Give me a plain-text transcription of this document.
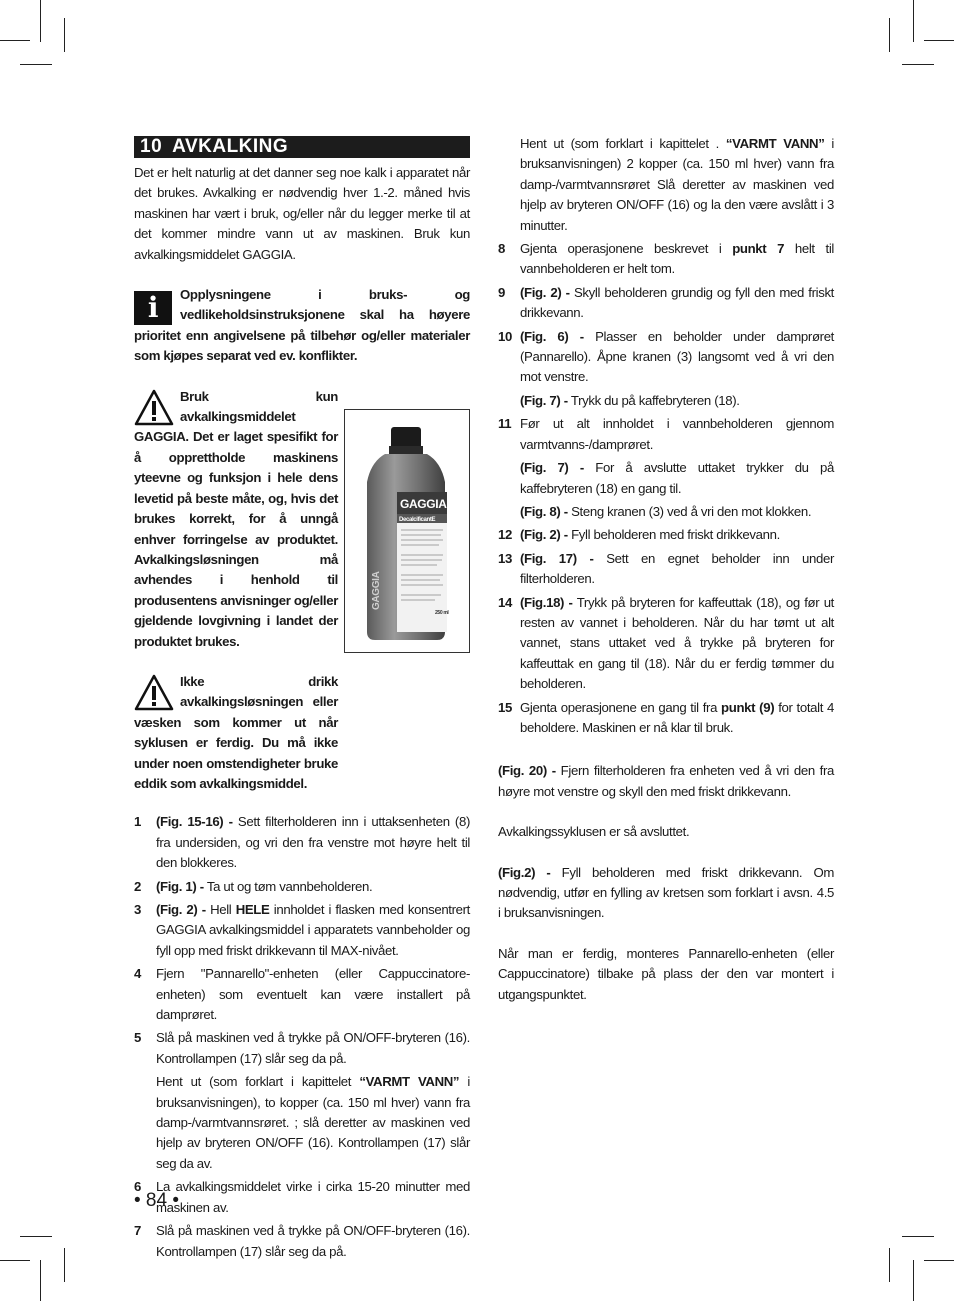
10 AVKALKING

Det er helt naturlig at det danner seg noe kalk i apparatet når det brukes. Avkalking er nødvendig hver 1.-2. måned hvis maskinen har vært i bruk, og/eller når du legger merke til at det kommer mindre vann ut av maskinen. Bruk kun avkalkingsmiddelet GAGGIA.

i	Opplysningene i bruks- og vedlikeholdsinstruksjonene skal ha høyere prioritet enn angivelsene på tilbehør og/eller materialer som kjøpes separat ved ev. konflikter.

GAGGIA
DecalcificantE
250 ml
GAGGIA

Bruk kun avkalkingsmiddelet GAGGIA. Det er laget spesifikt for å opprettholde maskinens yteevne og funksjon i hele dens levetid på beste måte, og, hvis det brukes korrekt, for å unngå enhver forringelse av produktet. Avkalkingsløsningen må avhendes i henhold til produsentens anvisninger og/eller gjeldende lovgivning i landet der produktet brukes.

Ikke drikk avkalkingsløsningen eller væsken som kommer ut når syklusen er ferdig. Du må ikke under noen omstendigheter bruke eddik som avkalkingsmiddel.

1 (Fig. 15-16) - Sett filterholderen inn i uttaksenheten (8) fra undersiden, og vri den fra venstre mot høyre helt til den blokkeres.
2 (Fig. 1) - Ta ut og tøm vannbeholderen.
3 (Fig. 2) - Hell HELE innholdet i flasken med konsentrert GAGGIA avkalkingsmiddel i apparatets vannbeholder og fyll opp med friskt drikkevann til MAX-nivået.
4 Fjern "Pannarello"-enheten (eller Cappuccinatore-enheten) som eventuelt kan være installert på damprøret.
5 Slå på maskinen ved å trykke på ON/OFF-bryteren (16). Kontrollampen (17) slår seg da på.
Hent ut (som forklart i kapittelet “VARMT VANN” i bruksanvisningen), to kopper (ca. 150 ml hver) vann fra damp-/varmtvannsrøret. ; slå deretter av maskinen ved hjelp av bryteren ON/OFF (16). Kontrollampen (17) slår seg da av.
6 La avkalkingsmiddelet virke i cirka 15-20 minutter med maskinen av.
7 Slå på maskinen ved å trykke på ON/OFF-bryteren (16). Kontrollampen (17) slår seg da på.

Hent ut (som forklart i kapittelet . “VARMT VANN” i bruksanvisningen) 2 kopper (ca. 150 ml hver) vann fra damp-/varmtvannsrøret Slå deretter av maskinen ved hjelp av bryteren ON/OFF (16) og la den være avslått i 3 minutter.

8 Gjenta operasjonene beskrevet i punkt 7 helt til vannbeholderen er helt tom.
9 (Fig. 2) - Skyll beholderen grundig og fyll den med friskt drikkevann.
10 (Fig. 6) - Plasser en beholder under damprøret (Pannarello). Åpne kranen (3) langsomt ved å vri den mot venstre.
(Fig. 7) - Trykk du på kaffebryteren (18).
11 Før ut alt innholdet i vannbeholderen gjennom varmtvanns-/damprøret.
(Fig. 7) - For å avslutte uttaket trykker du på kaffebryteren (18) en gang til.
(Fig. 8) - Steng kranen (3) ved å vri den mot klokken.
12 (Fig. 2) - Fyll beholderen med friskt drikkevann.
13 (Fig. 17) - Sett en egnet beholder inn under filterholderen.
14 (Fig.18) - Trykk på bryteren for kaffeuttak (18), og før ut resten av vannet i beholderen. Når du har tømt ut alt vannet, stans uttaket ved å trykke på bryteren for kaffeuttak en gang til (18). Når du er ferdig tømmer du beholderen.
15 Gjenta operasjonene en gang til fra punkt (9) for totalt 4 beholdere. Maskinen er nå klar til bruk.

(Fig. 20) - Fjern filterholderen fra enheten ved å vri den fra høyre mot venstre og skyll den med friskt drikkevann.

Avkalkingssyklusen er så avsluttet.

(Fig.2) - Fyll beholderen med friskt drikkevann. Om nødvendig, utfør en fylling av kretsen som forklart i avsn. 4.5 i bruksanvisningen.

Når man er ferdig, monteres Pannarello-enheten (eller Cappuccinatore) tilbake på plass der den var montert i utgangspunktet.

• 84 •
